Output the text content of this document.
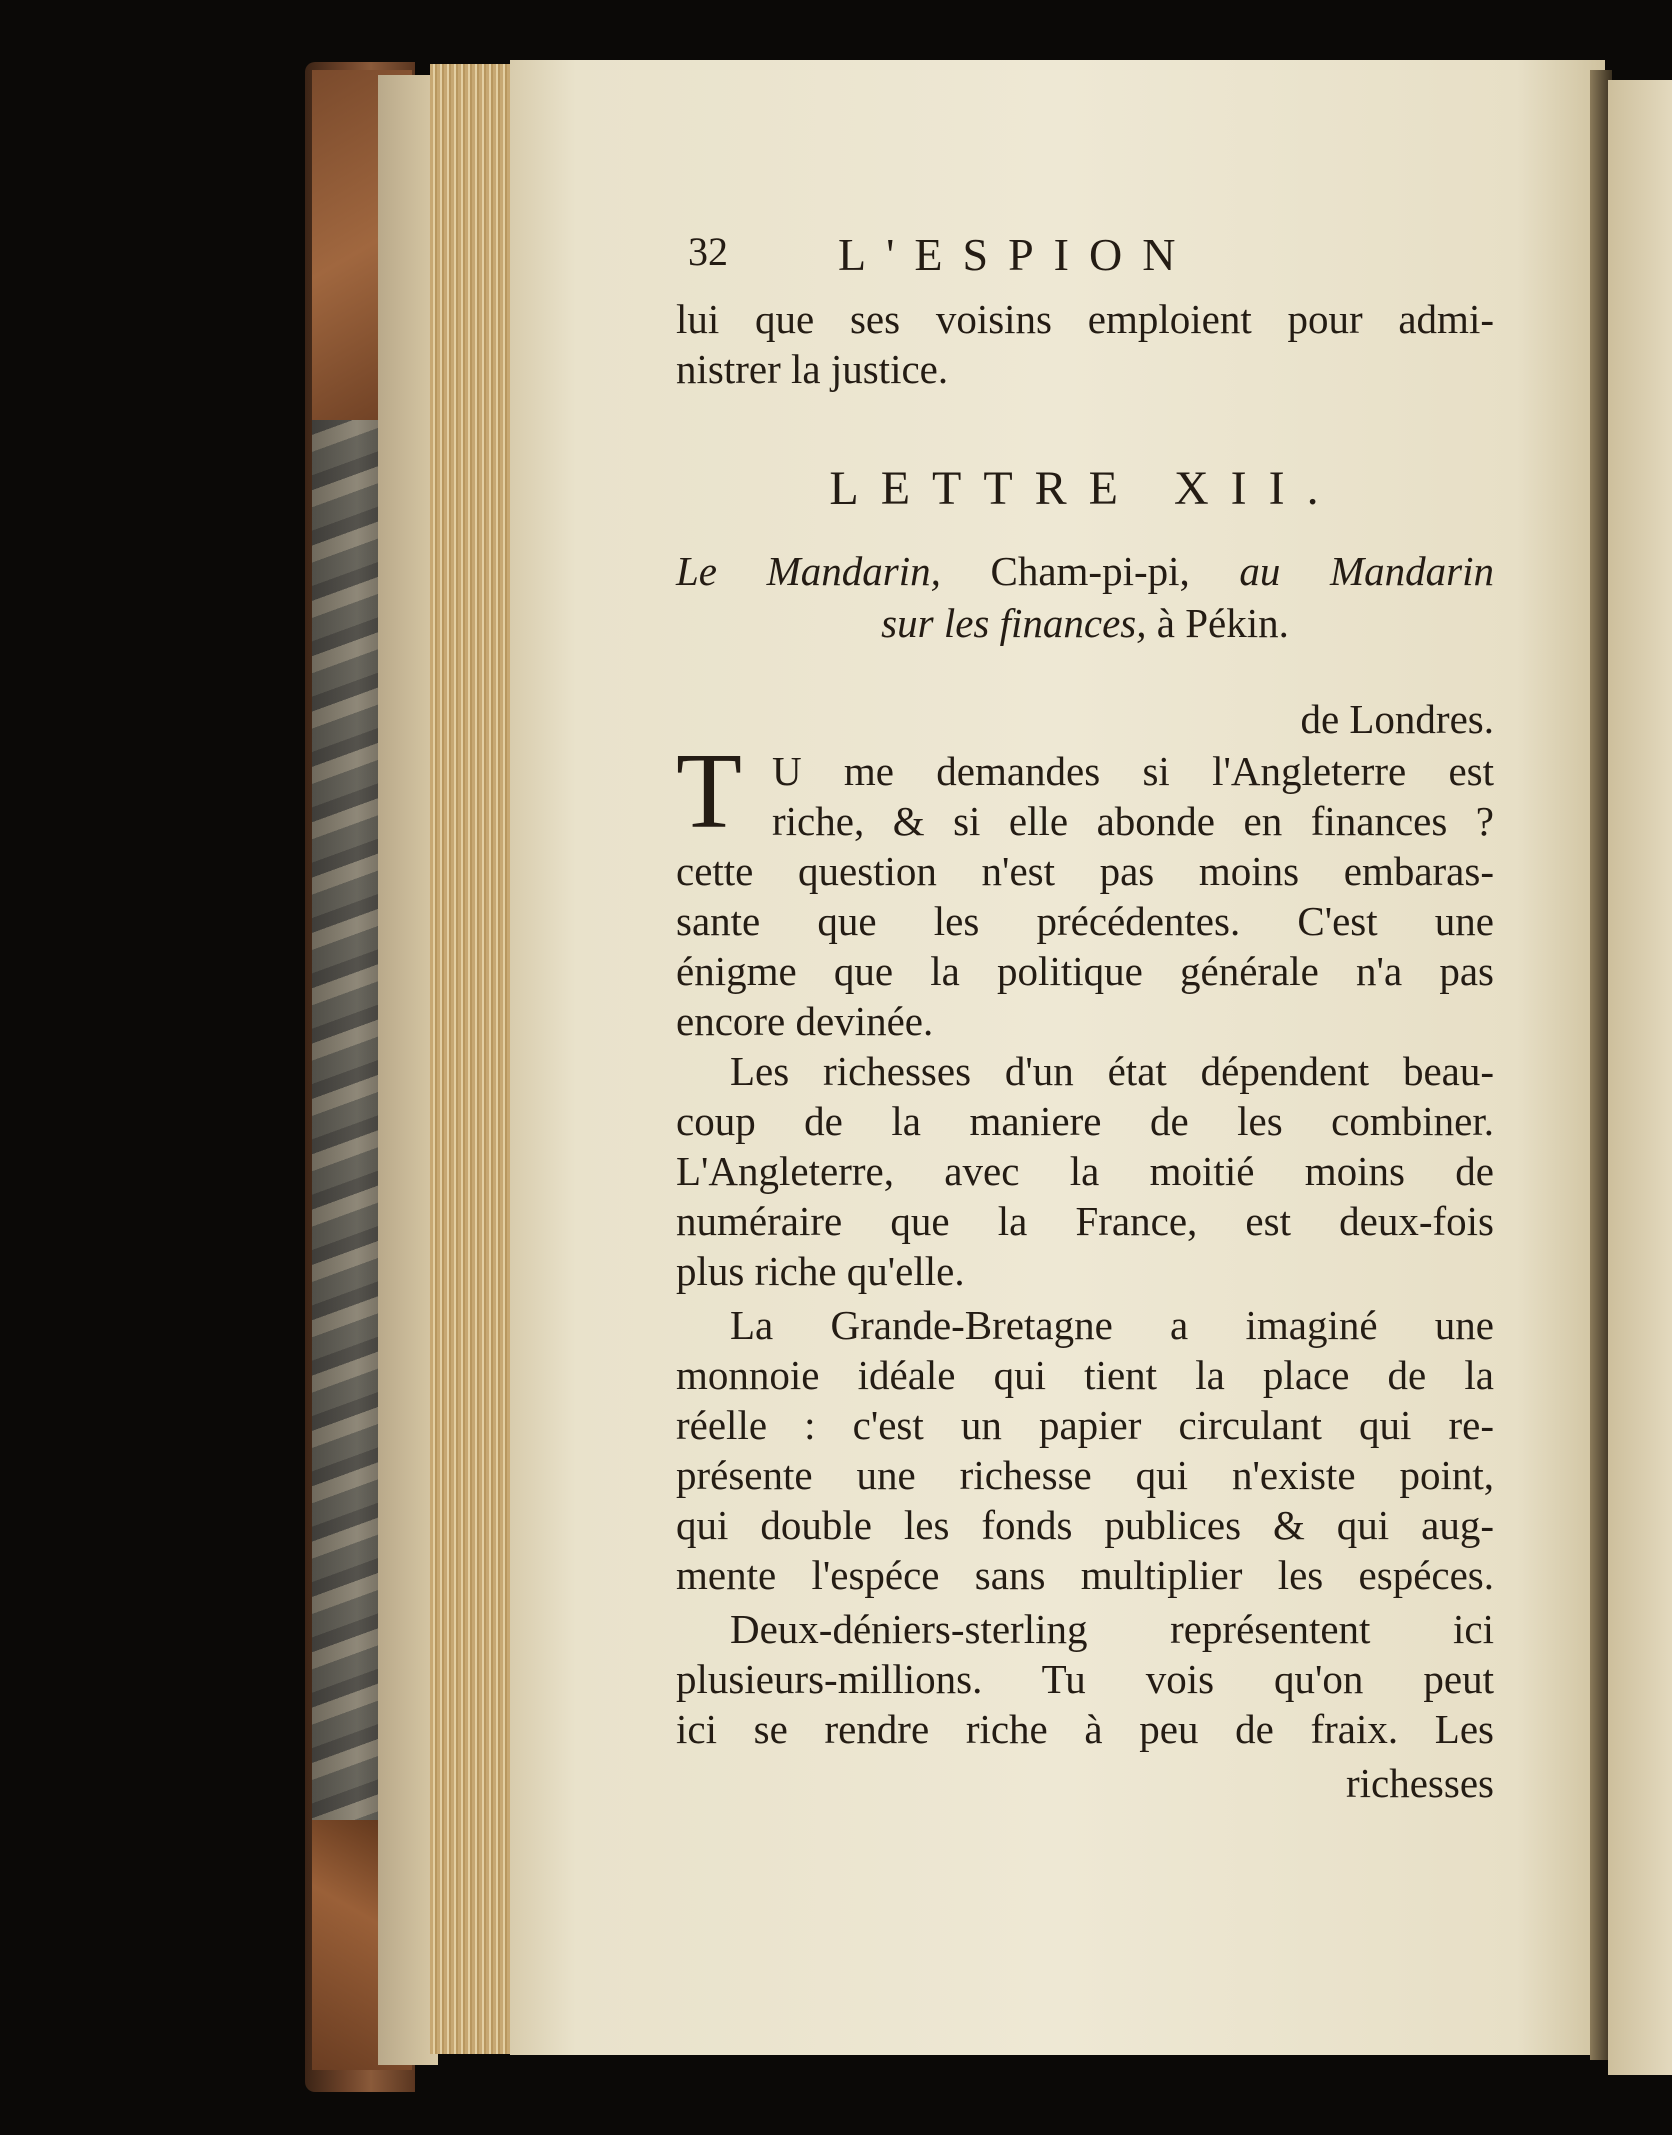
32 L'ESPION
lui que ses voisins emploient pour admi-
nistrer la justice.
LETTRE XII.
Le Mandarin, Cham-pi-pi, au Mandarin
sur les finances, à Pékin.
de Londres.
T U me demandes si l'Angleterre est
riche, & si elle abonde en finances ?
cette question n'est pas moins embaras-
sante que les précédentes. C'est une
énigme que la politique générale n'a pas
encore devinée.
Les richesses d'un état dépendent beau-
coup de la maniere de les combiner.
L'Angleterre, avec la moitié moins de
numéraire que la France, est deux-fois
plus riche qu'elle.
La Grande-Bretagne a imaginé une
monnoie idéale qui tient la place de la
réelle : c'est un papier circulant qui re-
présente une richesse qui n'existe point,
qui double les fonds publices & qui aug-
mente l'espéce sans multiplier les espéces.
Deux-déniers-sterling représentent ici
plusieurs-millions. Tu vois qu'on peut
ici se rendre riche à peu de fraix. Les
richesses
